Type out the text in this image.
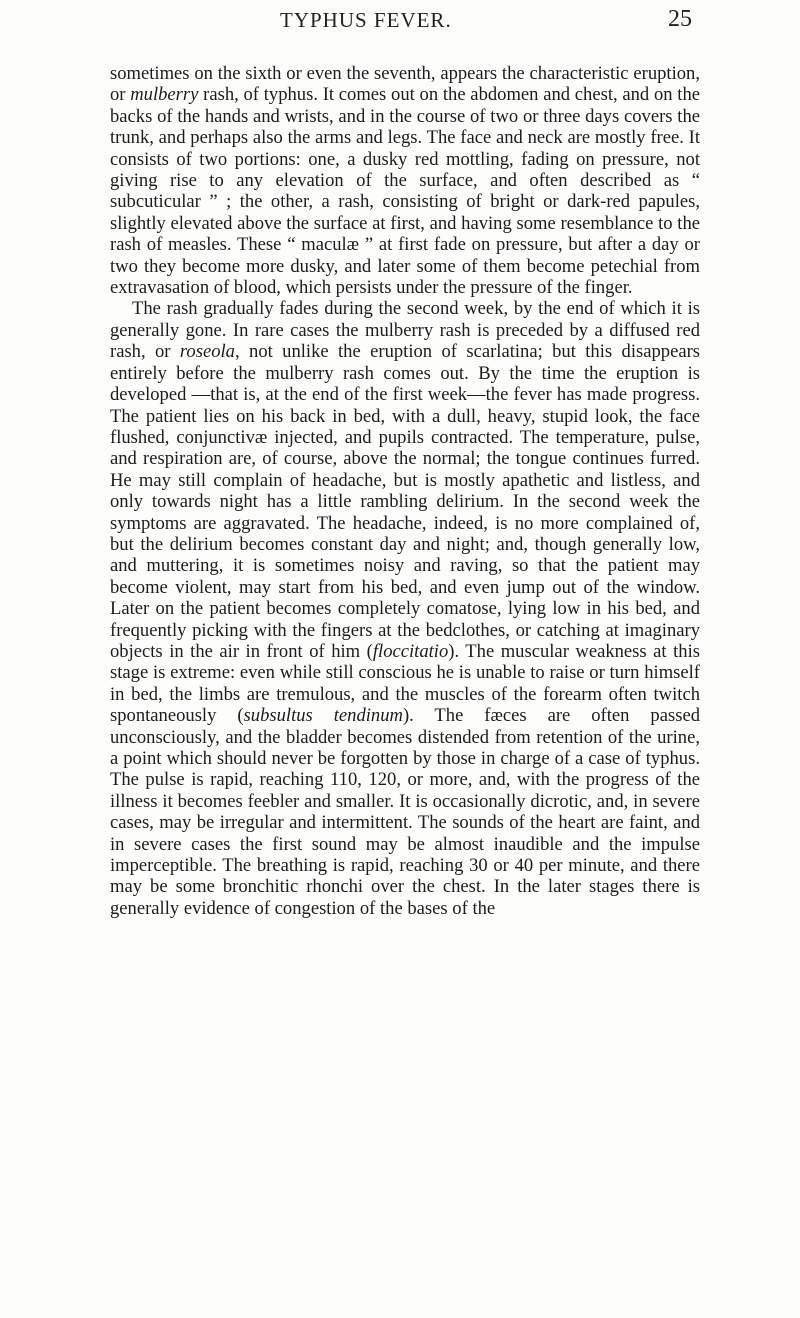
TYPHUS FEVER.	25

sometimes on the sixth or even the seventh, appears the characteristic eruption, or mulberry rash, of typhus. It comes out on the abdomen and chest, and on the backs of the hands and wrists, and in the course of two or three days covers the trunk, and perhaps also the arms and legs. The face and neck are mostly free. It consists of two portions: one, a dusky red mottling, fading on pressure, not giving rise to any elevation of the surface, and often described as “ subcuticular ” ; the other, a rash, consisting of bright or dark-red papules, slightly elevated above the surface at first, and having some resemblance to the rash of measles. These “ maculæ ” at first fade on pressure, but after a day or two they become more dusky, and later some of them become petechial from extravasation of blood, which persists under the pressure of the finger.

The rash gradually fades during the second week, by the end of which it is generally gone. In rare cases the mulberry rash is preceded by a diffused red rash, or roseola, not unlike the eruption of scarlatina; but this disappears entirely before the mulberry rash comes out. By the time the eruption is developed —that is, at the end of the first week—the fever has made progress. The patient lies on his back in bed, with a dull, heavy, stupid look, the face flushed, conjunctivæ injected, and pupils contracted. The temperature, pulse, and respiration are, of course, above the normal; the tongue continues furred. He may still complain of headache, but is mostly apathetic and listless, and only towards night has a little rambling delirium. In the second week the symptoms are aggravated. The headache, indeed, is no more complained of, but the delirium becomes constant day and night; and, though generally low, and muttering, it is sometimes noisy and raving, so that the patient may become violent, may start from his bed, and even jump out of the window. Later on the patient becomes completely comatose, lying low in his bed, and frequently picking with the fingers at the bedclothes, or catching at imaginary objects in the air in front of him (floccitatio). The muscular weakness at this stage is extreme: even while still conscious he is unable to raise or turn himself in bed, the limbs are tremulous, and the muscles of the forearm often twitch spontaneously (subsultus tendinum). The fæces are often passed unconsciously, and the bladder becomes distended from retention of the urine, a point which should never be forgotten by those in charge of a case of typhus. The pulse is rapid, reaching 110, 120, or more, and, with the progress of the illness it becomes feebler and smaller. It is occasionally dicrotic, and, in severe cases, may be irregular and intermittent. The sounds of the heart are faint, and in severe cases the first sound may be almost inaudible and the impulse imperceptible. The breathing is rapid, reaching 30 or 40 per minute, and there may be some bronchitic rhonchi over the chest. In the later stages there is generally evidence of congestion of the bases of the
